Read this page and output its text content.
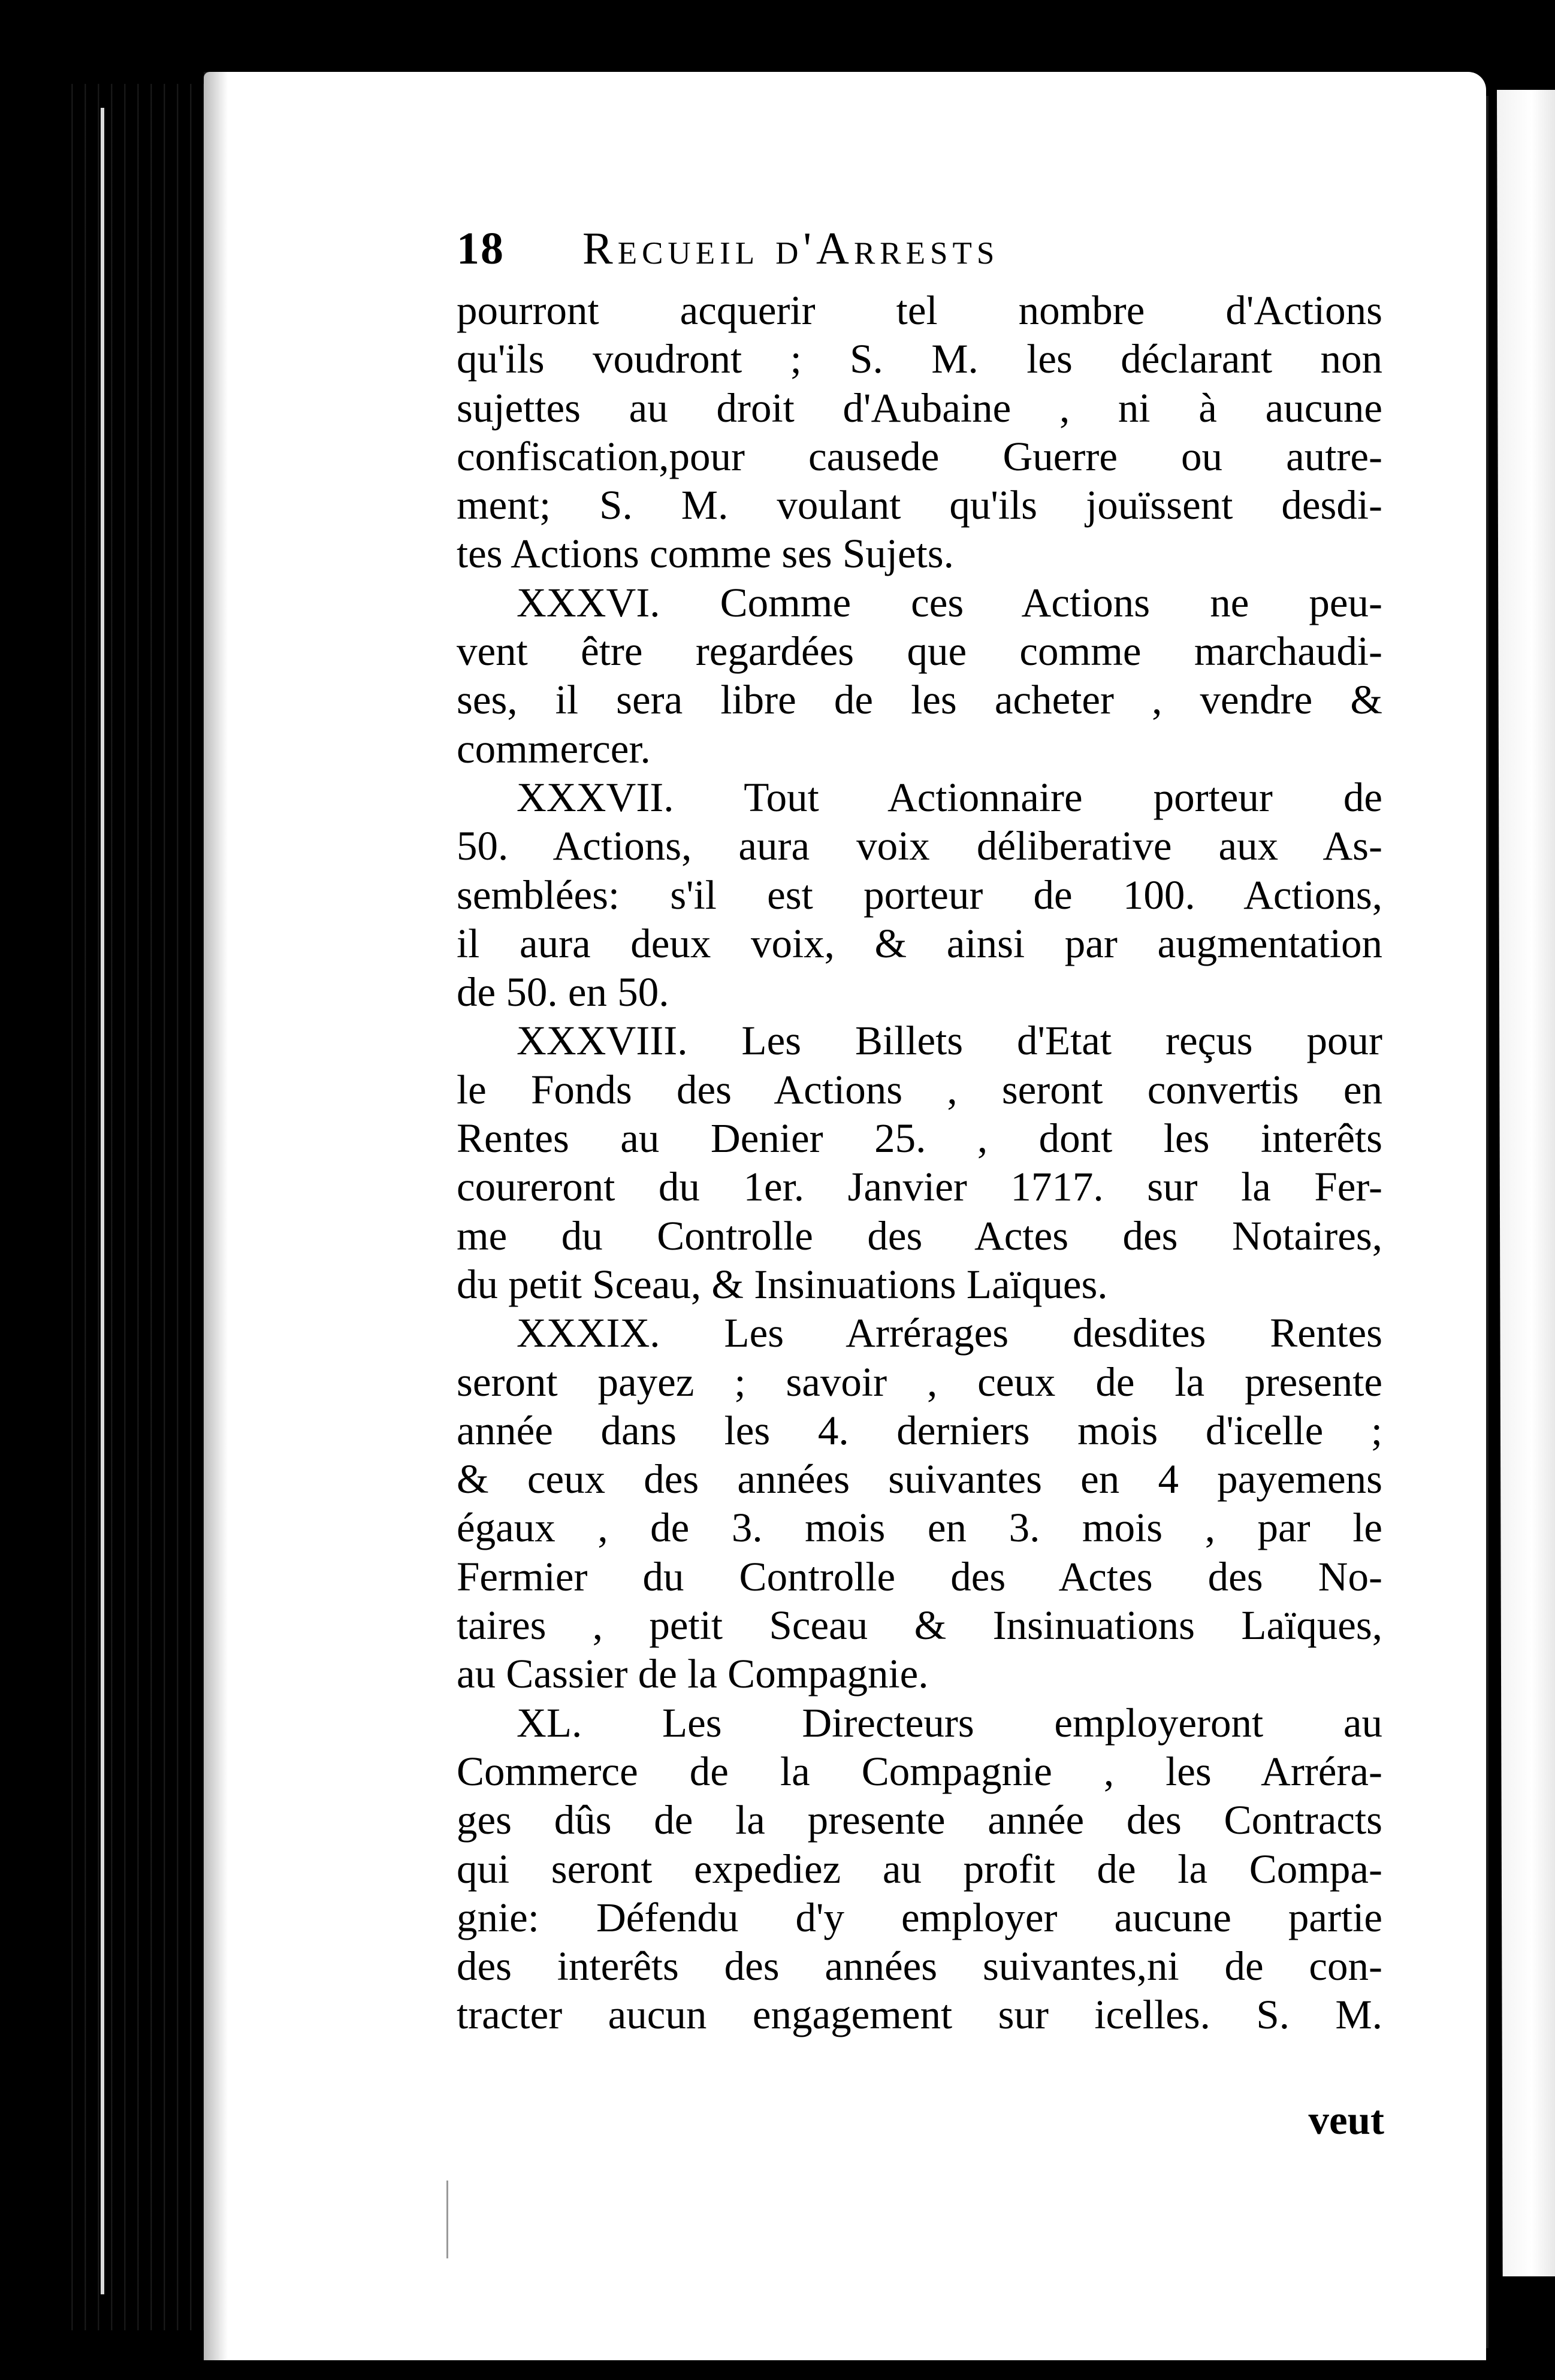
18	Recueil d'Arrests
pourront acquerir tel nombre d'Actions
qu'ils voudront ; S. M. les déclarant non
sujettes au droit d'Aubaine , ni à aucune
confiscation,pour causede Guerre ou autre-
ment; S. M. voulant qu'ils jouïssent desdi-
tes Actions comme ses Sujets.
XXXVI. Comme ces Actions ne peu-
vent être regardées que comme marchaudi-
ses, il sera libre de les acheter , vendre &
commercer.
XXXVII. Tout Actionnaire porteur de
50. Actions, aura voix déliberative aux As-
semblées: s'il est porteur de 100. Actions,
il aura deux voix, & ainsi par augmentation
de 50. en 50.
XXXVIII. Les Billets d'Etat reçus pour
le Fonds des Actions , seront convertis en
Rentes au Denier 25. , dont les interêts
coureront du 1er. Janvier 1717. sur la Fer-
me du Controlle des Actes des Notaires,
du petit Sceau, & Insinuations Laïques.
XXXIX. Les Arrérages desdites Rentes
seront payez ; savoir , ceux de la presente
année dans les 4. derniers mois d'icelle ;
& ceux des années suivantes en 4 payemens
égaux , de 3. mois en 3. mois , par le
Fermier du Controlle des Actes des No-
taires , petit Sceau & Insinuations Laïques,
au Cassier de la Compagnie.
XL. Les Directeurs employeront au
Commerce de la Compagnie , les Arréra-
ges dûs de la presente année des Contracts
qui seront expediez au profit de la Compa-
gnie: Défendu d'y employer aucune partie
des interêts des années suivantes,ni de con-
tracter aucun engagement sur icelles. S. M.
veut
